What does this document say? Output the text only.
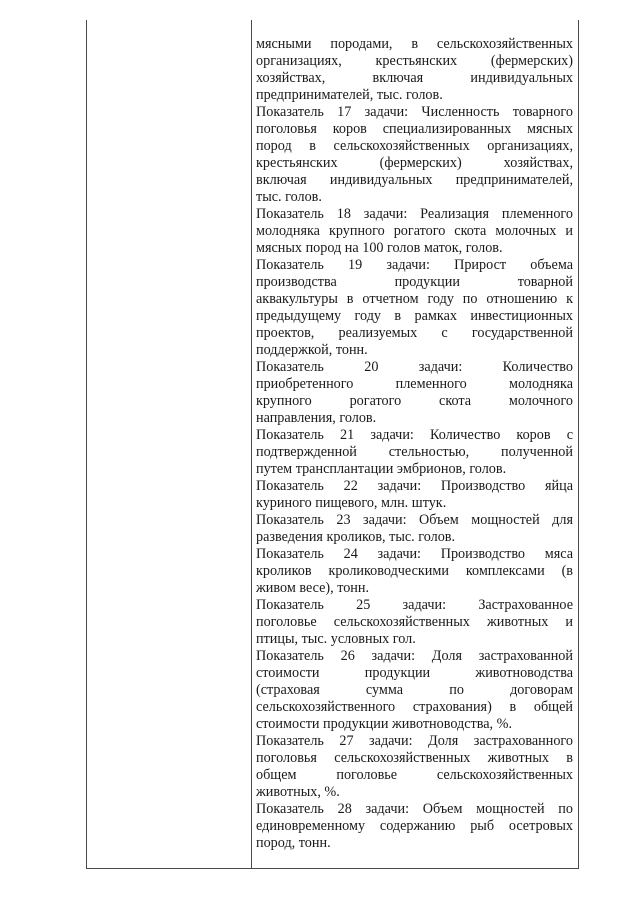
мясными породами, в сельскохозяйственных
организациях, крестьянских (фермерских)
хозяйствах, включая индивидуальных
предпринимателей, тыс. голов.
Показатель 17 задачи: Численность товарного
поголовья коров специализированных мясных
пород в сельскохозяйственных организациях,
крестьянских (фермерских) хозяйствах,
включая индивидуальных предпринимателей,
тыс. голов.
Показатель 18 задачи: Реализация племенного
молодняка крупного рогатого скота молочных и
мясных пород на 100 голов маток, голов.
Показатель 19 задачи: Прирост объема
производства продукции товарной
аквакультуры в отчетном году по отношению к
предыдущему году в рамках инвестиционных
проектов, реализуемых с государственной
поддержкой, тонн.
Показатель 20 задачи: Количество
приобретенного племенного молодняка
крупного рогатого скота молочного
направления, голов.
Показатель 21 задачи: Количество коров с
подтвержденной стельностью, полученной
путем трансплантации эмбрионов, голов.
Показатель 22 задачи: Производство яйца
куриного пищевого, млн. штук.
Показатель 23 задачи: Объем мощностей для
разведения кроликов, тыс. голов.
Показатель 24 задачи: Производство мяса
кроликов кролиководческими комплексами (в
живом весе), тонн.
Показатель 25 задачи: Застрахованное
поголовье сельскохозяйственных животных и
птицы, тыс. условных гол.
Показатель 26 задачи: Доля застрахованной
стоимости продукции животноводства
(страховая сумма по договорам
сельскохозяйственного страхования) в общей
стоимости продукции животноводства, %.
Показатель 27 задачи: Доля застрахованного
поголовья сельскохозяйственных животных в
общем поголовье сельскохозяйственных
животных, %.
Показатель 28 задачи: Объем мощностей по
единовременному содержанию рыб осетровых
пород, тонн.
